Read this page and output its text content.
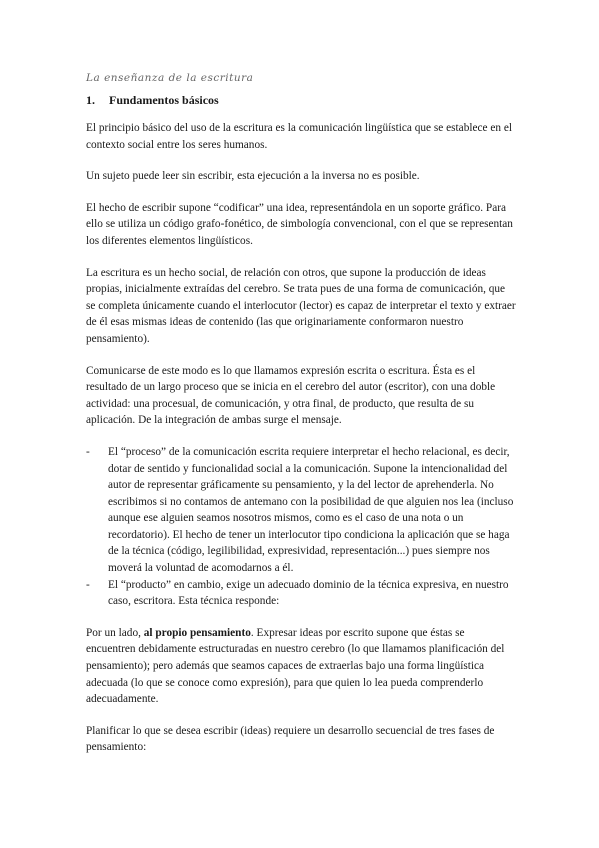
La enseñanza de la escritura
1. Fundamentos básicos

El principio básico del uso de la escritura es la comunicación lingüística que se establece en el contexto social entre los seres humanos.

Un sujeto puede leer sin escribir, esta ejecución a la inversa no es posible.

El hecho de escribir supone “codificar” una idea, representándola en un soporte gráfico. Para ello se utiliza un código grafo-fonético, de simbología convencional, con el que se representan los diferentes elementos lingüísticos.

La escritura es un hecho social, de relación con otros, que supone la producción de ideas propias, inicialmente extraídas del cerebro. Se trata pues de una forma de comunicación, que se completa únicamente cuando el interlocutor (lector) es capaz de interpretar el texto y extraer de él esas mismas ideas de contenido (las que originariamente conformaron nuestro pensamiento).

Comunicarse de este modo es lo que llamamos expresión escrita o escritura. Ésta es el resultado de un largo proceso que se inicia en el cerebro del autor (escritor), con una doble actividad: una procesual, de comunicación, y otra final, de producto, que resulta de su aplicación. De la integración de ambas surge el mensaje.

- El “proceso” de la comunicación escrita requiere interpretar el hecho relacional, es decir, dotar de sentido y funcionalidad social a la comunicación. Supone la intencionalidad del autor de representar gráficamente su pensamiento, y la del lector de aprehenderla. No escribimos si no contamos de antemano con la posibilidad de que alguien nos lea (incluso aunque ese alguien seamos nosotros mismos, como es el caso de una nota o un recordatorio). El hecho de tener un interlocutor tipo condiciona la aplicación que se haga de la técnica (código, legilibilidad, expresividad, representación...) pues siempre nos moverá la voluntad de acomodarnos a él.
- El “producto” en cambio, exige un adecuado dominio de la técnica expresiva, en nuestro caso, escritora. Esta técnica responde:

Por un lado, al propio pensamiento. Expresar ideas por escrito supone que éstas se encuentren debidamente estructuradas en nuestro cerebro (lo que llamamos planificación del pensamiento); pero además que seamos capaces de extraerlas bajo una forma lingüística adecuada (lo que se conoce como expresión), para que quien lo lea pueda comprenderlo adecuadamente.

Planificar lo que se desea escribir (ideas) requiere un desarrollo secuencial de tres fases de pensamiento:
